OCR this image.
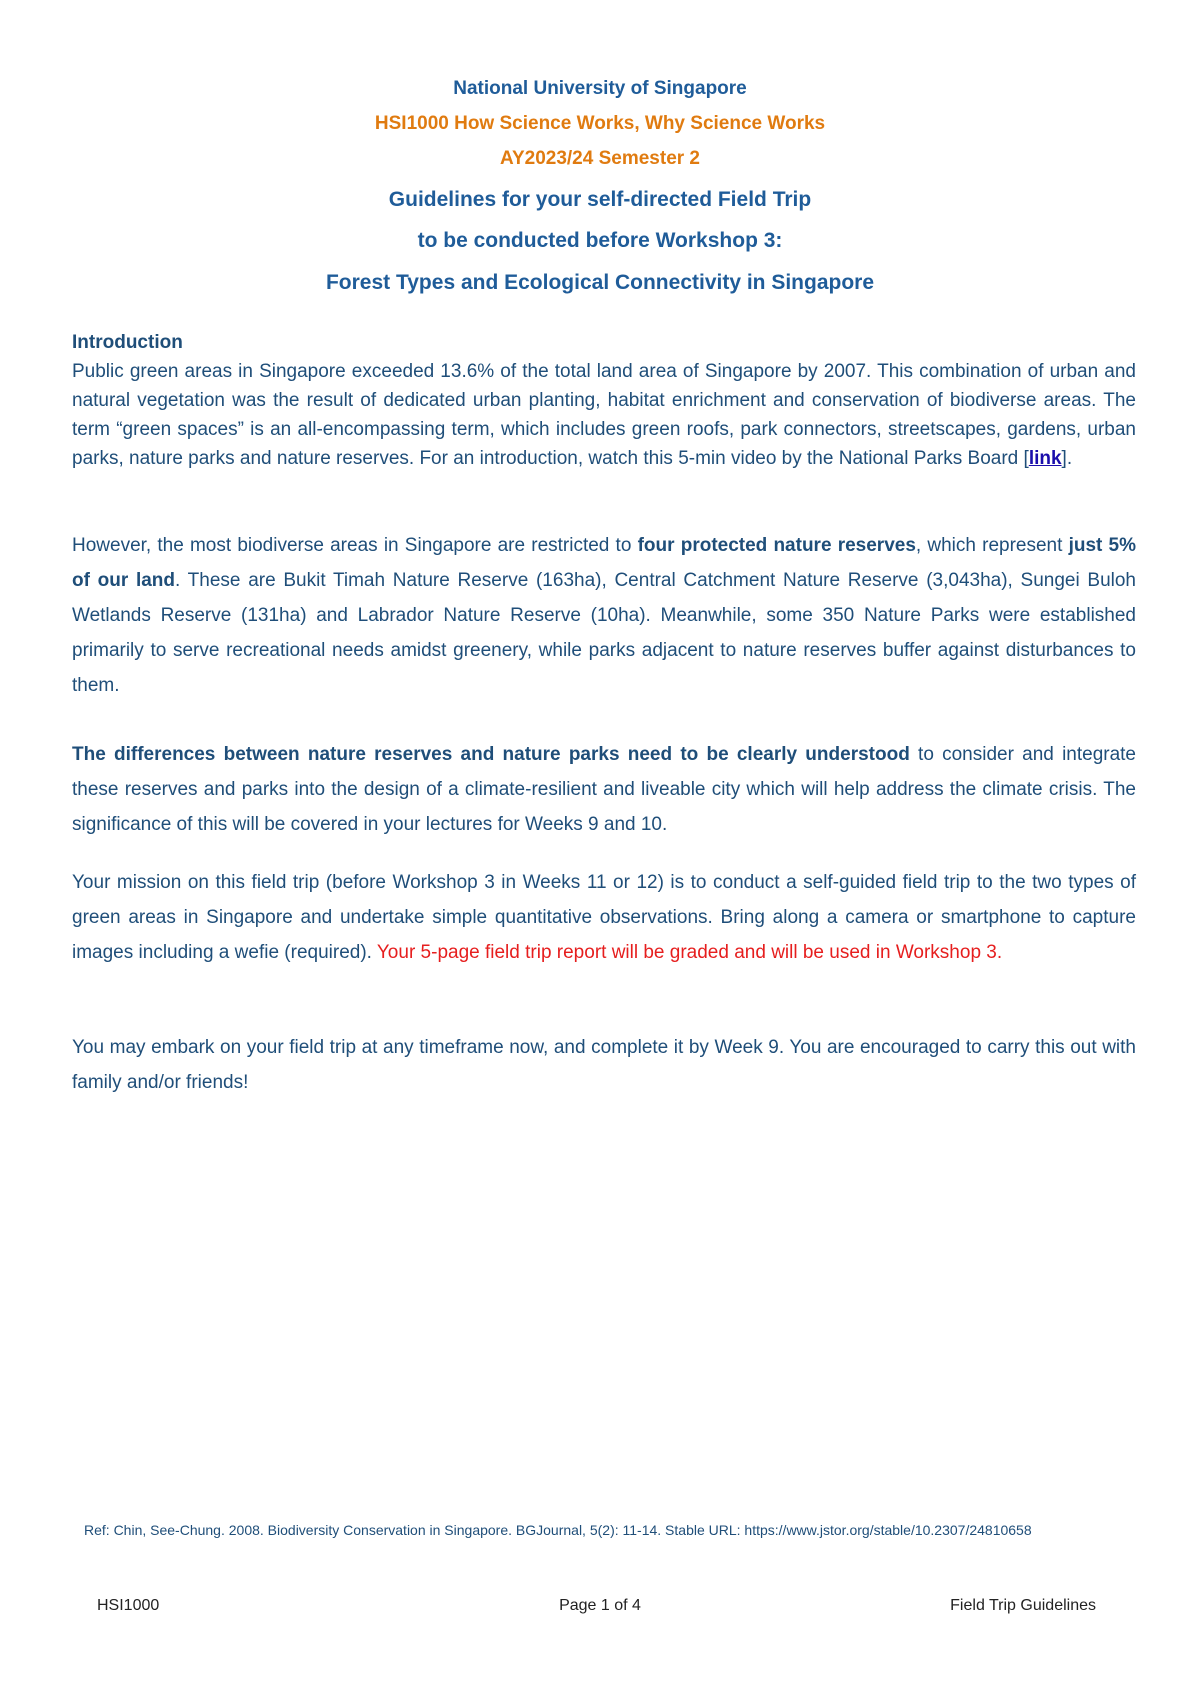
National University of Singapore
HSI1000 How Science Works, Why Science Works
AY2023/24 Semester 2
Guidelines for your self-directed Field Trip
to be conducted before Workshop 3:
Forest Types and Ecological Connectivity in Singapore
Introduction

Public green areas in Singapore exceeded 13.6% of the total land area of Singapore by 2007. This combination of urban and natural vegetation was the result of dedicated urban planting, habitat enrichment and conservation of biodiverse areas. The term “green spaces” is an all-encompassing term, which includes green roofs, park connectors, streetscapes, gardens, urban parks, nature parks and nature reserves. For an introduction, watch this 5-min video by the National Parks Board [link].

However, the most biodiverse areas in Singapore are restricted to four protected nature reserves, which represent just 5% of our land. These are Bukit Timah Nature Reserve (163ha), Central Catchment Nature Reserve (3,043ha), Sungei Buloh Wetlands Reserve (131ha) and Labrador Nature Reserve (10ha). Meanwhile, some 350 Nature Parks were established primarily to serve recreational needs amidst greenery, while parks adjacent to nature reserves buffer against disturbances to them.

The differences between nature reserves and nature parks need to be clearly understood to consider and integrate these reserves and parks into the design of a climate-resilient and liveable city which will help address the climate crisis. The significance of this will be covered in your lectures for Weeks 9 and 10.

Your mission on this field trip (before Workshop 3 in Weeks 11 or 12) is to conduct a self-guided field trip to the two types of green areas in Singapore and undertake simple quantitative observations. Bring along a camera or smartphone to capture images including a wefie (required). Your 5-page field trip report will be graded and will be used in Workshop 3.

You may embark on your field trip at any timeframe now, and complete it by Week 9. You are encouraged to carry this out with family and/or friends!

Ref: Chin, See-Chung. 2008. Biodiversity Conservation in Singapore. BGJournal, 5(2): 11-14. Stable URL: https://www.jstor.org/stable/10.2307/24810658

HSI1000	Page 1 of 4	Field Trip Guidelines
